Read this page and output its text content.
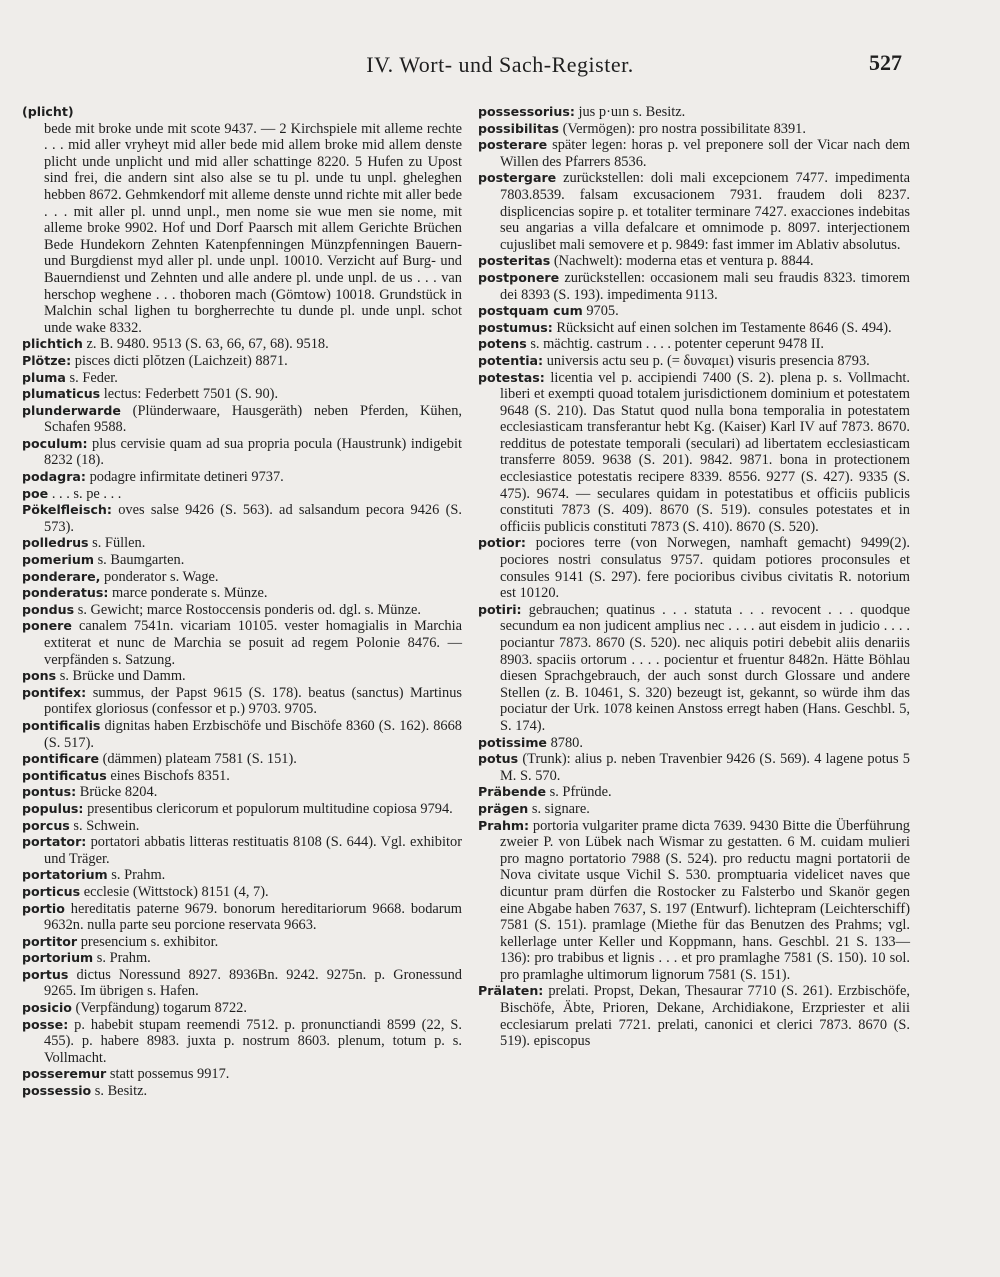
IV. Wort- und Sach-Register.	527
(plicht)
bede mit broke unde mit scote 9437. — 2 Kirchspiele mit alleme rechte . . . mid aller vryheyt mid aller bede mid allem broke mid allem denste plicht unde unplicht und mid aller schattinge 8220. 5 Hufen zu Upost sind frei, die andern sint also alse se tu pl. unde tu unpl. gheleghen hebben 8672. Gehmkendorf mit alleme denste unnd richte mit aller bede . . . mit aller pl. unnd unpl., men nome sie wue men sie nome, mit alleme broke 9902. Hof und Dorf Paarsch mit allem Gerichte Brüchen Bede Hundekorn Zehnten Katenpfenningen Münzpfenningen Bauern- und Burgdienst myd aller pl. unde unpl. 10010. Verzicht auf Burg- und Bauerndienst und Zehnten und alle andere pl. unde unpl. de us . . . van herschop weghene . . . thoboren mach (Gömtow) 10018. Grundstück in Malchin schal lighen tu borgherrechte tu dunde pl. unde unpl. schot unde wake 8332.
plichtich z. B. 9480. 9513 (S. 63, 66, 67, 68). 9518.
Plötze: pisces dicti plŏtzen (Laichzeit) 8871.
pluma s. Feder.
plumaticus lectus: Federbett 7501 (S. 90).
plunderwarde (Plünderwaare, Hausgeräth) neben Pferden, Kühen, Schafen 9588.
poculum: plus cervisie quam ad sua propria pocula (Haustrunk) indigebit 8232 (18).
podagra: podagre infirmitate detineri 9737.
poe . . . s. pe . . .
Pökelfleisch: oves salse 9426 (S. 563). ad salsandum pecora 9426 (S. 573).
polledrus s. Füllen.
pomerium s. Baumgarten.
ponderare, ponderator s. Wage.
ponderatus: marce ponderate s. Münze.
pondus s. Gewicht; marce Rostoccensis ponderis od. dgl. s. Münze.
ponere canalem 7541n. vicariam 10105. vester homagialis in Marchia extiterat et nunc de Marchia se posuit ad regem Polonie 8476. — verpfänden s. Satzung.
pons s. Brücke und Damm.
pontifex: summus, der Papst 9615 (S. 178). beatus (sanctus) Martinus pontifex gloriosus (confessor et p.) 9703. 9705.
pontificalis dignitas haben Erzbischöfe und Bischöfe 8360 (S. 162). 8668 (S. 517).
pontificare (dämmen) plateam 7581 (S. 151).
pontificatus eines Bischofs 8351.
pontus: Brücke 8204.
populus: presentibus clericorum et populorum multitudine copiosa 9794.
porcus s. Schwein.
portator: portatori abbatis litteras restituatis 8108 (S. 644). Vgl. exhibitor und Träger.
portatorium s. Prahm.
porticus ecclesie (Wittstock) 8151 (4, 7).
portio hereditatis paterne 9679. bonorum hereditariorum 9668. bodarum 9632n. nulla parte seu porcione reservata 9663.
portitor presencium s. exhibitor.
portorium s. Prahm.
portus dictus Noressund 8927. 8936Bn. 9242. 9275n. p. Gronessund 9265. Im übrigen s. Hafen.
posicio (Verpfändung) togarum 8722.
posse: p. habebit stupam reemendi 7512. p. pronunctiandi 8599 (22, S. 455). p. habere 8983. juxta p. nostrum 8603. plenum, totum p. s. Vollmacht.
posseremur statt possemus 9917.
possessio s. Besitz.
possessorius: jus p·uın s. Besitz.
possibilitas (Vermögen): pro nostra possibilitate 8391.
posterare später legen: horas p. vel preponere soll der Vicar nach dem Willen des Pfarrers 8536.
postergare zurückstellen: doli mali excepcionem 7477. impedimenta 7803.8539. falsam excusacionem 7931. fraudem doli 8237. displicencias sopire p. et totaliter terminare 7427. exacciones indebitas seu angarias a villa defalcare et omnimode p. 8097. interjectionem cujuslibet mali semovere et p. 9849: fast immer im Ablativ absolutus.
posteritas (Nachwelt): moderna etas et ventura p. 8844.
postponere zurückstellen: occasionem mali seu fraudis 8323. timorem dei 8393 (S. 193). impedimenta 9113.
postquam cum 9705.
postumus: Rücksicht auf einen solchen im Testamente 8646 (S. 494).
potens s. mächtig. castrum . . . . potenter ceperunt 9478 II.
potentia: universis actu seu p. (= δυναμει) visuris presencia 8793.
potestas: licentia vel p. accipiendi 7400 (S. 2). plena p. s. Vollmacht. liberi et exempti quoad totalem jurisdictionem dominium et potestatem 9648 (S. 210). Das Statut quod nulla bona temporalia in potestatem ecclesiasticam transferantur hebt Kg. (Kaiser) Karl IV auf 7873. 8670. redditus de potestate temporali (seculari) ad libertatem ecclesiasticam transferre 8059. 9638 (S. 201). 9842. 9871. bona in protectionem ecclesiastice potestatis recipere 8339. 8556. 9277 (S. 427). 9335 (S. 475). 9674. — seculares quidam in potestatibus et officiis publicis constituti 7873 (S. 409). 8670 (S. 519). consules potestates et in officiis publicis constituti 7873 (S. 410). 8670 (S. 520).
potior: pociores terre (von Norwegen, namhaft gemacht) 9499(2). pociores nostri consulatus 9757. quidam potiores proconsules et consules 9141 (S. 297). fere pocioribus civibus civitatis R. notorium est 10120.
potiri: gebrauchen; quatinus . . . statuta . . . revocent . . . quodque secundum ea non judicent amplius nec . . . . aut eisdem in judicio . . . . pociantur 7873. 8670 (S. 520). nec aliquis potiri debebit aliis denariis 8903. spaciis ortorum . . . . pocientur et fruentur 8482n. Hätte Böhlau diesen Sprachgebrauch, der auch sonst durch Glossare und andere Stellen (z. B. 10461, S. 320) bezeugt ist, gekannt, so würde ihm das pociatur der Urk. 1078 keinen Anstoss erregt haben (Hans. Geschbl. 5, S. 174).
potissime 8780.
potus (Trunk): alius p. neben Travenbier 9426 (S. 569). 4 lagene potus 5 M. S. 570.
Präbende s. Pfründe.
prägen s. signare.
Prahm: portoria vulgariter prame dicta 7639. 9430 Bitte die Überführung zweier P. von Lübek nach Wismar zu gestatten. 6 M. cuidam mulieri pro magno portatorio 7988 (S. 524). pro reductu magni portatorii de Nova civitate usque Vichil S. 530. promptuaria videlicet naves que dicuntur pram dürfen die Rostocker zu Falsterbo und Skanör gegen eine Abgabe haben 7637, S. 197 (Entwurf). lichtepram (Leichterschiff) 7581 (S. 151). pramlage (Miethe für das Benutzen des Prahms; vgl. kellerlage unter Keller und Koppmann, hans. Geschbl. 21 S. 133—136): pro trabibus et lignis . . . et pro pramlaghe 7581 (S. 150). 10 sol. pro pramlaghe ultimorum lignorum 7581 (S. 151).
Prälaten: prelati. Propst, Dekan, Thesaurar 7710 (S. 261). Erzbischöfe, Bischöfe, Äbte, Prioren, Dekane, Archidiakone, Erzpriester et alii ecclesiarum prelati 7721. prelati, canonici et clerici 7873. 8670 (S. 519). episcopus
